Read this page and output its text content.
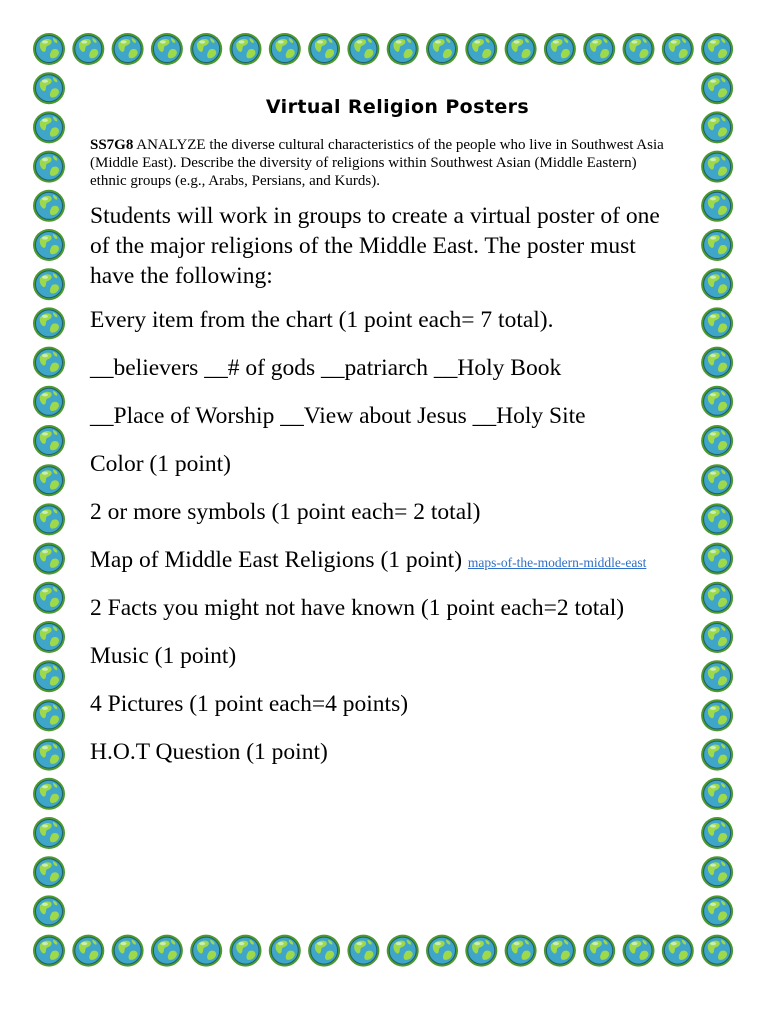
Virtual Religion Posters

SS7G8 ANALYZE the diverse cultural characteristics of the people who live in Southwest Asia (Middle East). Describe the diversity of religions within Southwest Asian (Middle Eastern) ethnic groups (e.g., Arabs, Persians, and Kurds).

Students will work in groups to create a virtual poster of one of the major religions of the Middle East. The poster must have the following:

Every item from the chart (1 point each= 7 total).

__believers __# of gods __patriarch __Holy Book

__Place of Worship __View about Jesus __Holy Site

Color (1 point)

2 or more symbols (1 point each= 2 total)

Map of Middle East Religions (1 point) maps-of-the-modern-middle-east

2 Facts you might not have known (1 point each=2 total)

Music (1 point)

4 Pictures (1 point each=4 points)

H.O.T Question (1 point)
